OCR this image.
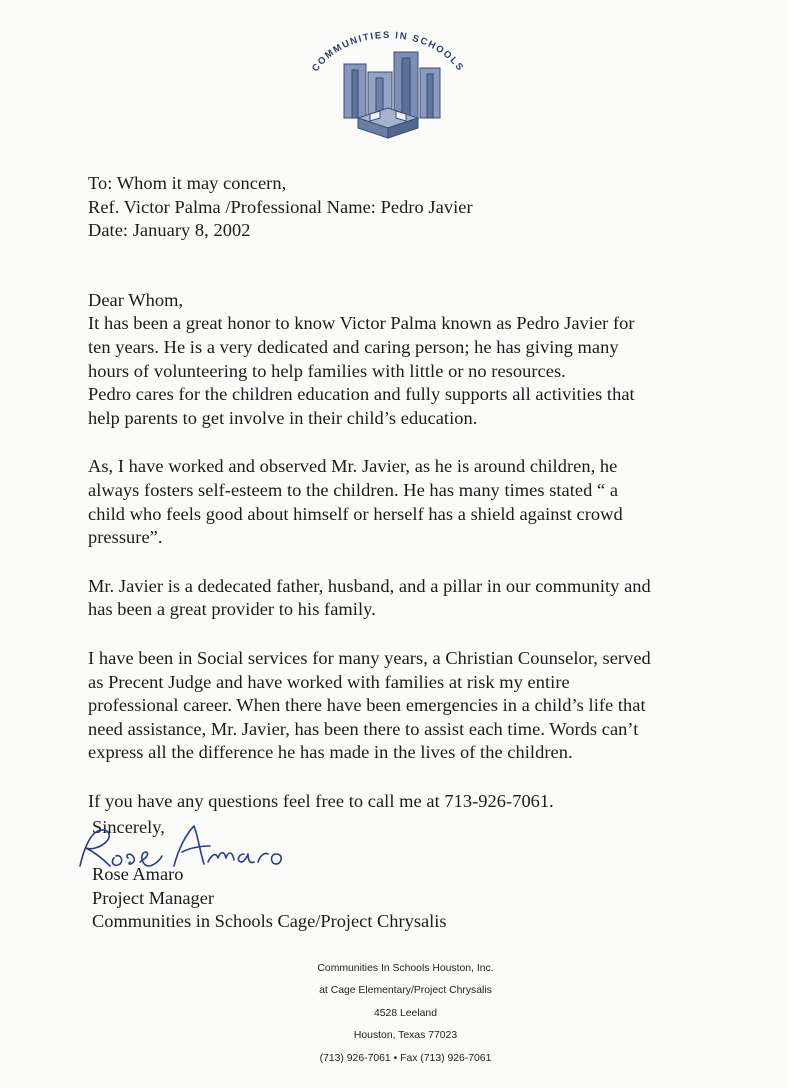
COMMUNITIES IN SCHOOLS

To: Whom it may concern,

Ref. Victor Palma /Professional Name: Pedro Javier

Date: January 8, 2002

Dear Whom,

It has been a great honor to know Victor Palma known as Pedro Javier for

ten years. He is a very dedicated and caring person; he has giving many

hours of volunteering to help families with little or no resources.

Pedro cares for the children education and fully supports all activities that

help parents to get involve in their child’s education.

As, I have worked and observed Mr. Javier, as he is around children, he

always fosters self-esteem to the children. He has many times stated “ a

child who feels good about himself or herself has a shield against crowd

pressure”.

Mr. Javier is a dedecated father, husband, and a pillar in our community and

has been a great provider to his family.

I have been in Social services for many years, a Christian Counselor, served

as Precent Judge and have worked with families at risk my entire

professional career. When there have been emergencies in a child’s life that

need assistance, Mr. Javier, has been there to assist each time. Words can’t

express all the difference he has made in the lives of the children.

If you have any questions feel free to call me at 713-926-7061.

Sincerely,

Rose Amaro

Project Manager

Communities in Schools Cage/Project Chrysalis

Communities In Schools Houston, Inc.
at Cage Elementary/Project Chrysalis
4528 Leeland
Houston, Texas 77023
(713) 926-7061 • Fax (713) 926-7061
